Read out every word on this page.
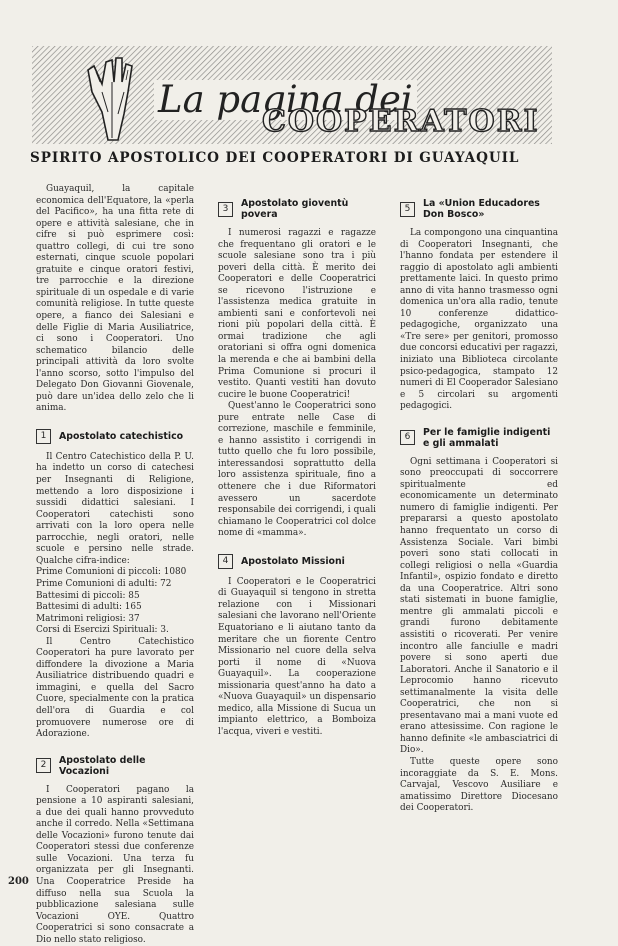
La pagina dei
COOPERATORI
SPIRITO APOSTOLICO DEI COOPERATORI DI GUAYAQUIL

Guayaquil, la capitale economica dell'Equatore, la «perla del Pacifico», ha una fitta rete di opere e attività salesiane, che in cifre si può esprimere così: quattro collegi, di cui tre sono esternati, cinque scuole popolari gratuite e cinque oratori festivi, tre parrocchie e la direzione spirituale di un ospedale e di varie comunità religiose. In tutte queste opere, a fianco dei Salesiani e delle Figlie di Maria Ausiliatrice, ci sono i Cooperatori. Uno schematico bilancio delle principali attività da loro svolte l'anno scorso, sotto l'impulso del Delegato Don Giovanni Giovenale, può dare un'idea dello zelo che li anima.

1	Apostolato catechistico

Il Centro Catechistico della P. U. ha indetto un corso di catechesi per Insegnanti di Religione, mettendo a loro disposizione i sussidi didattici salesiani. I Cooperatori catechisti sono arrivati con la loro opera nelle parrocchie, negli oratori, nelle scuole e persino nelle strade. Qualche cifra-indice:

Prime Comunioni di piccoli: 1080
Prime Comunioni di adulti: 72
Battesimi di piccoli: 85
Battesimi di adulti: 165
Matrimoni religiosi: 37
Corsi di Esercizi Spirituali: 3.

Il Centro Catechistico Cooperatori ha pure lavorato per diffondere la divozione a Maria Ausiliatrice distribuendo quadri e immagini, e quella del Sacro Cuore, specialmente con la pratica dell'ora di Guardia e col promuovere numerose ore di Adorazione.

2	Apostolato delle Vocazioni

I Cooperatori pagano la pensione a 10 aspiranti salesiani, a due dei quali hanno provveduto anche il corredo. Nella «Settimana delle Vocazioni» furono tenute dai Cooperatori stessi due conferenze sulle Vocazioni. Una terza fu organizzata per gli Insegnanti. Una Cooperatrice Preside ha diffuso nella sua Scuola la pubblicazione salesiana sulle Vocazioni OYE. Quattro Cooperatrici si sono consacrate a Dio nello stato religioso.

3	Apostolato gioventù povera

I numerosi ragazzi e ragazze che frequentano gli oratori e le scuole salesiane sono tra i più poveri della città. È merito dei Cooperatori e delle Cooperatrici se ricevono l'istruzione e l'assistenza medica gratuite in ambienti sani e confortevoli nei rioni più popolari della città. È ormai tradizione che agli oratoriani si offra ogni domenica la merenda e che ai bambini della Prima Comunione si procuri il vestito. Quanti vestiti han dovuto cucire le buone Cooperatrici!

Quest'anno le Cooperatrici sono pure entrate nelle Case di correzione, maschile e femminile, e hanno assistito i corrigendi in tutto quello che fu loro possibile, interessandosi soprattutto della loro assistenza spirituale, fino a ottenere che i due Riformatori avessero un sacerdote responsabile dei corrigendi, i quali chiamano le Cooperatrici col dolce nome di «mamma».

4	Apostolato Missioni

I Cooperatori e le Cooperatrici di Guayaquil si tengono in stretta relazione con i Missionari salesiani che lavorano nell'Oriente Equatoriano e li aiutano tanto da meritare che un fiorente Centro Missionario nel cuore della selva porti il nome di «Nuova Guayaquil». La cooperazione missionaria quest'anno ha dato a «Nuova Guayaquil» un dispensario medico, alla Missione di Sucua un impianto elettrico, a Bomboiza l'acqua, viveri e vestiti.

5	La «Union Educadores Don Bosco»

La compongono una cinquantina di Cooperatori Insegnanti, che l'hanno fondata per estendere il raggio di apostolato agli ambienti prettamente laici. In questo primo anno di vita hanno trasmesso ogni domenica un'ora alla radio, tenute 10 conferenze didattico-pedagogiche, organizzato una «Tre sere» per genitori, promosso due concorsi educativi per ragazzi, iniziato una Biblioteca circolante psico-pedagogica, stampato 12 numeri di El Cooperador Salesiano e 5 circolari su argomenti pedagogici.

6	Per le famiglie indigenti e gli ammalati

Ogni settimana i Cooperatori si sono preoccupati di soccorrere spiritualmente ed economicamente un determinato numero di famiglie indigenti. Per prepararsi a questo apostolato hanno frequentato un corso di Assistenza Sociale. Vari bimbi poveri sono stati collocati in collegi religiosi o nella «Guardia Infantil», ospizio fondato e diretto da una Cooperatrice. Altri sono stati sistemati in buone famiglie, mentre gli ammalati piccoli e grandi furono debitamente assistiti o ricoverati. Per venire incontro alle fanciulle e madri povere si sono aperti due Laboratori. Anche il Sanatorio e il Leprocomio hanno ricevuto settimanalmente la visita delle Cooperatrici, che non si presentavano mai a mani vuote ed erano attesissime. Con ragione le hanno definite «le ambasciatrici di Dio».

Tutte queste opere sono incoraggiate da S. E. Mons. Carvajal, Vescovo Ausiliare e amatissimo Direttore Diocesano dei Cooperatori.

200
